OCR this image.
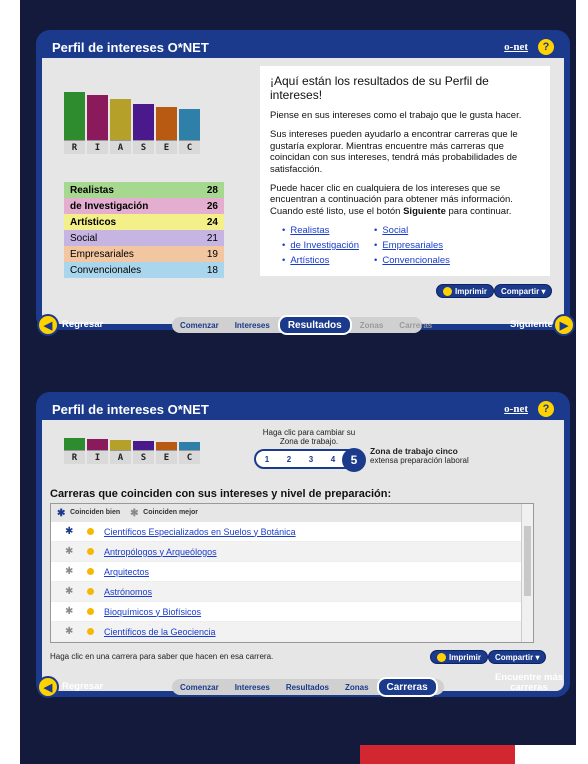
Perfil de intereses O*NET	o-net	?
R	I	A	S	E	C
Realistas	28
de Investigación	26
Artísticos	24
Social	21
Empresariales	19
Convencionales	18
¡Aquí están los resultados de su Perfil de intereses!

Piense en sus intereses como el trabajo que le gusta hacer.

Sus intereses pueden ayudarlo a encontrar carreras que le gustaría explorar. Mientras encuentre más carreras que coincidan con sus intereses, tendrá más probabilidades de satisfacción.

Puede hacer clic en cualquiera de los intereses que se encuentran a continuación para obtener más información. Cuando esté listo, use el botón Siguiente para continuar.

• Realistas	• Social
• de Investigación	• Empresariales
• Artísticos	• Convencionales
Imprimir	Compartir ▾
◀	Regresar	Comenzar	Intereses	Resultados	Zonas	Carreras	Siguiente ▶
Perfil de intereses O*NET	o-net	?
R	I	A	S	E	C
Haga clic para cambiar su Zona de trabajo.
1 2 3 4	5
Zona de trabajo cinco
extensa preparación laboral
Carreras que coinciden con sus intereses y nivel de preparación:
✱ Coinciden bien ✱ Coinciden mejor
✱	Científicos Especializados en Suelos y Botánica
✱	Antropólogos y Arqueólogos
✱	Arquitectos
✱	Astrónomos
✱	Bioquímicos y Biofísicos
✱	Científicos de la Geociencia
Haga clic en una carrera para saber que hacen en esa carrera.	Imprimir	Compartir ▾
◀	Regresar	Comenzar	Intereses	Resultados	Zonas	Carreras
Encuentre más carreras
